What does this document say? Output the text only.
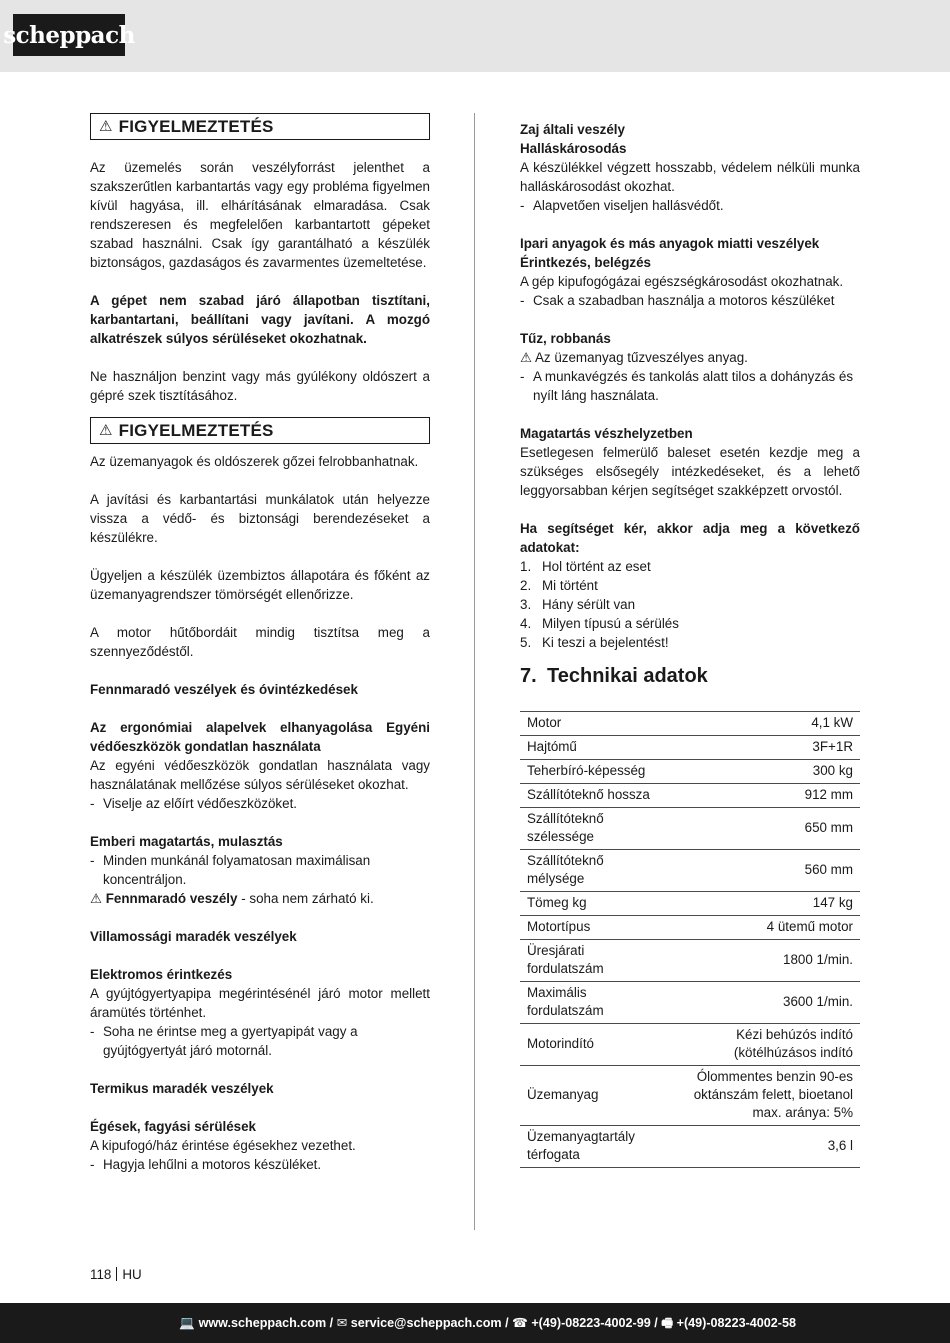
scheppach
⚠ FIGYELMEZTETÉS

Az üzemelés során veszélyforrást jelenthet a szakszerűtlen karbantartás vagy egy probléma figyelmen kívül hagyása, ill. elhárításának elmaradása. Csak rendszeresen és megfelelően karbantartott gépeket szabad használni. Csak így garantálható a készülék biztonságos, gazdaságos és zavarmentes üzemeltetése.

A gépet nem szabad járó állapotban tisztítani, karbantartani, beállítani vagy javítani. A mozgó alkatrészek súlyos sérüléseket okozhatnak.

Ne használjon benzint vagy más gyúlékony oldószert a gépré szek tisztításához.

⚠ FIGYELMEZTETÉS

Az üzemanyagok és oldószerek gőzei felrobbanhatnak.

A javítási és karbantartási munkálatok után helyezze vissza a védő- és biztonsági berendezéseket a készülékre.

Ügyeljen a készülék üzembiztos állapotára és főként az üzemanyagrendszer tömörségét ellenőrizze.

A motor hűtőbordáit mindig tisztítsa meg a szennyeződéstől.

Fennmaradó veszélyek és óvintézkedések

Az ergonómiai alapelvek elhanyagolása Egyéni védőeszközök gondatlan használata

Az egyéni védőeszközök gondatlan használata vagy használatának mellőzése súlyos sérüléseket okozhat.

- Viselje az előírt védőeszközöket.

Emberi magatartás, mulasztás

- Minden munkánál folyamatosan maximálisan koncentráljon.
⚠ Fennmaradó veszély - soha nem zárható ki.

Villamossági maradék veszélyek

Elektromos érintkezés

A gyújtógyertyapipa megérintésénél járó motor mellett áramütés történhet.

- Soha ne érintse meg a gyertyapipát vagy a gyújtógyertyát járó motornál.

Termikus maradék veszélyek

Égések, fagyási sérülések

A kipufogó/ház érintése égésekhez vezethet.

- Hagyja lehűlni a motoros készüléket.

Zaj általi veszély

Halláskárosodás

A készülékkel végzett hosszabb, védelem nélküli munka halláskárosodást okozhat.

- Alapvetően viseljen hallásvédőt.

Ipari anyagok és más anyagok miatti veszélyek

Érintkezés, belégzés

A gép kipufogógázai egészségkárosodást okozhatnak.

- Csak a szabadban használja a motoros készüléket

Tűz, robbanás

⚠ Az üzemanyag tűzveszélyes anyag.
- A munkavégzés és tankolás alatt tilos a dohányzás és nyílt láng használata.

Magatartás vészhelyzetben

Esetlegesen felmerülő baleset esetén kezdje meg a szükséges elsősegély intézkedéseket, és a lehető leggyorsabban kérjen segítséget szakképzett orvostól.

Ha segítséget kér, akkor adja meg a következő adatokat:

1. Hol történt az eset
2. Mi történt
3. Hány sérült van
4. Milyen típusú a sérülés
5. Ki teszi a bejelentést!
7. Technikai adatok
Motor	4,1 kW
Hajtómű	3F+1R
Teherbíró-képesség	300 kg
Szállítóteknő hossza	912 mm
Szállítóteknő szélessége	650 mm
Szállítóteknő mélysége	560 mm
Tömeg kg	147 kg
Motortípus	4 ütemű motor
Üresjárati fordulatszám	1800 1/min.
Maximális fordulatszám	3600 1/min.
Motorindító	Kézi behúzós indító (kötélhúzásos indító
Üzemanyag	Ólommentes benzin 90-es oktánszám felett, bioetanol max. aránya: 5%
Üzemanyagtartály térfogata	3,6 l
118 HU
💻 www.scheppach.com / ✉ service@scheppach.com / ☎ +(49)-08223-4002-99 / 🖷 +(49)-08223-4002-58
